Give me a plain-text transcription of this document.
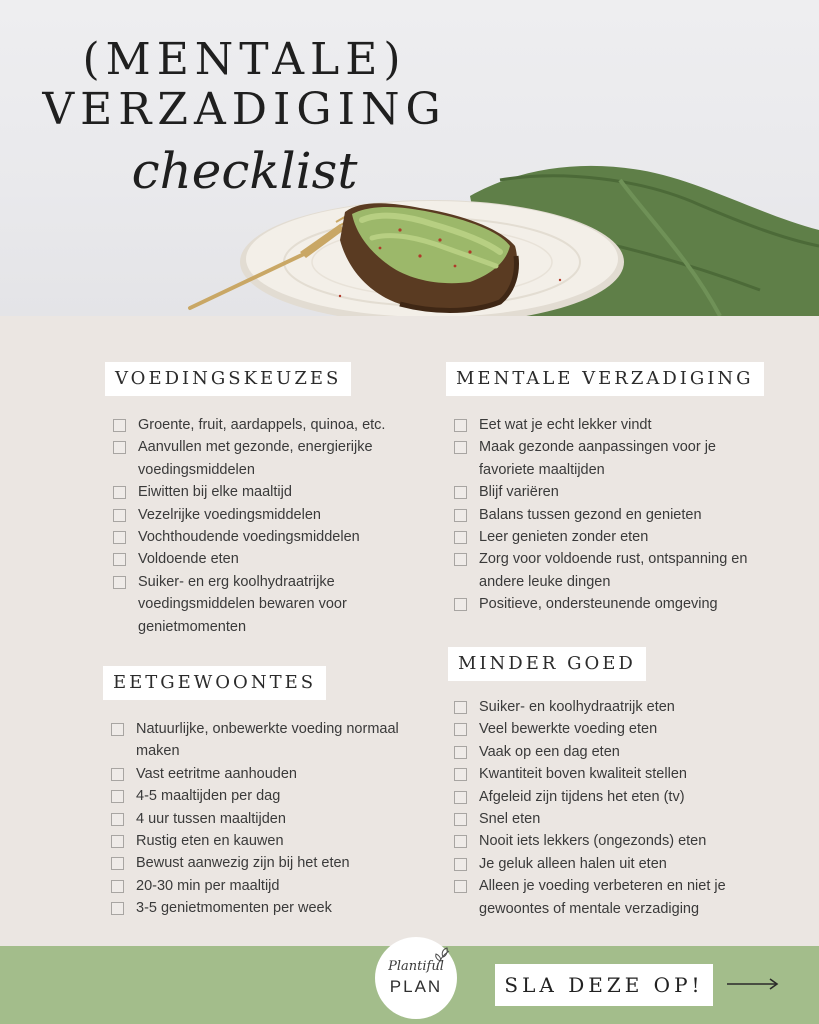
(MENTALE)
VERZADIGING
checklist
VOEDINGSKEUZES
Groente, fruit, aardappels, quinoa, etc.
Aanvullen met gezonde, energierijke voedingsmiddelen
Eiwitten bij elke maaltijd
Vezelrijke voedingsmiddelen
Vochthoudende voedingsmiddelen
Voldoende eten
Suiker- en erg koolhydraatrijke voedingsmiddelen bewaren voor genietmomenten
EETGEWOONTES
Natuurlijke, onbewerkte voeding normaal maken
Vast eetritme aanhouden
4-5 maaltijden per dag
4 uur tussen maaltijden
Rustig eten en kauwen
Bewust aanwezig zijn bij het eten
20-30 min per maaltijd
3-5 genietmomenten per week
MENTALE VERZADIGING
Eet wat je echt lekker vindt
Maak gezonde aanpassingen voor je favoriete maaltijden
Blijf variëren
Balans tussen gezond en genieten
Leer genieten zonder eten
Zorg voor voldoende rust, ontspanning en andere leuke dingen
Positieve, ondersteunende omgeving
MINDER GOED
Suiker- en koolhydraatrijk eten
Veel bewerkte voeding eten
Vaak op een dag eten
Kwantiteit boven kwaliteit stellen
Afgeleid zijn tijdens het eten (tv)
Snel eten
Nooit iets lekkers (ongezonds) eten
Je geluk alleen halen uit eten
Alleen je voeding verbeteren en niet je gewoontes of mentale verzadiging
Plantiful
PLAN	SLA DEZE OP!
